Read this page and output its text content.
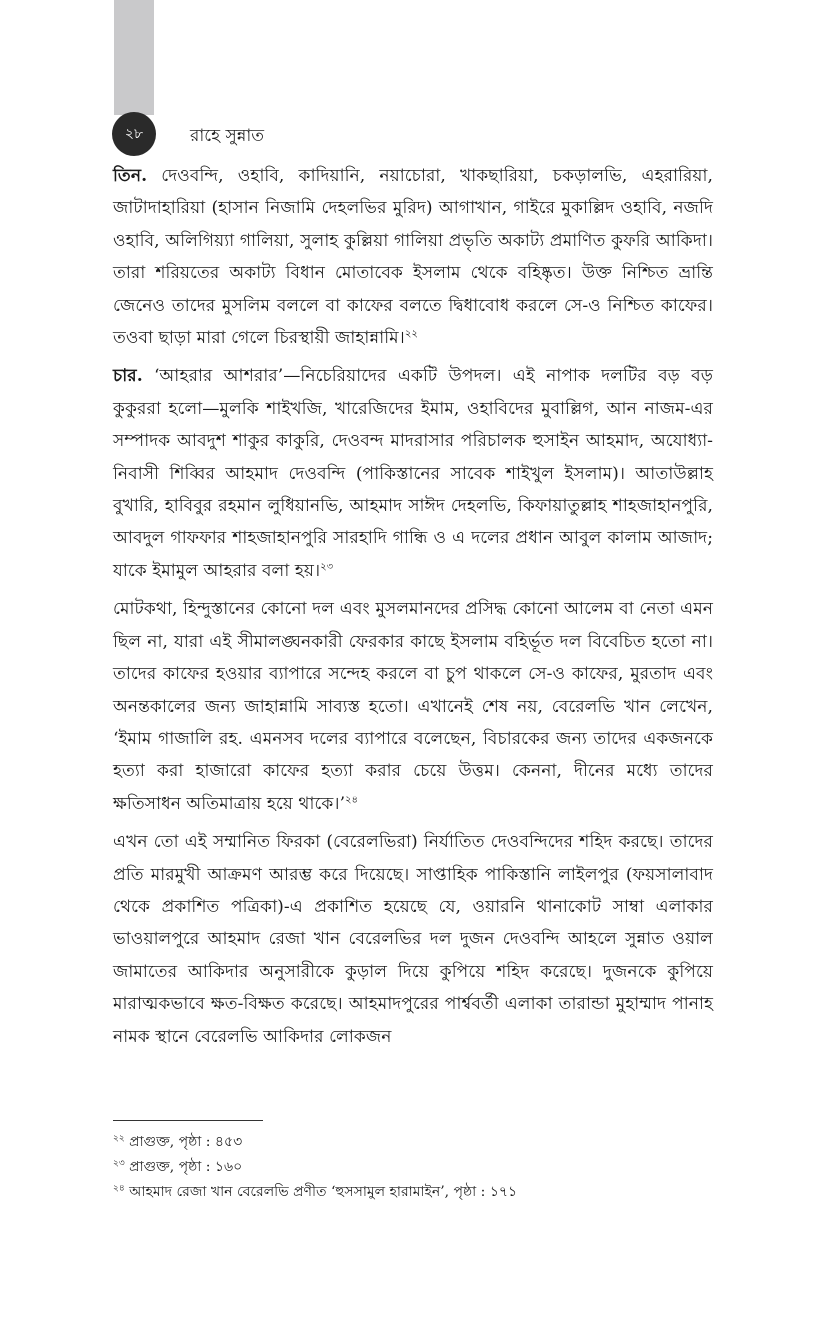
২৮	রাহে সুন্নাত

তিন. দেওবন্দি, ওহাবি, কাদিয়ানি, নয়াচোরা, খাকছারিয়া, চকড়ালভি, এহরারিয়া, জাটাদাহারিয়া (হাসান নিজামি দেহলভির মুরিদ) আগাখান, গাইরে মুকাল্লিদ ওহাবি, নজদি ওহাবি, অলিগিয়্যা গালিয়া, সুলাহ কুল্লিয়া গালিয়া প্রভৃতি অকাট্য প্রমাণিত কুফরি আকিদা। তারা শরিয়তের অকাট্য বিধান মোতাবেক ইসলাম থেকে বহিষ্কৃত। উক্ত নিশ্চিত ভ্রান্তি জেনেও তাদের মুসলিম বললে বা কাফের বলতে দ্বিধাবোধ করলে সে-ও নিশ্চিত কাফের। তওবা ছাড়া মারা গেলে চিরস্থায়ী জাহান্নামি।$^{২২}$

চার. ‘আহরার আশরার’—নিচেরিয়াদের একটি উপদল। এই নাপাক দলটির বড় বড় কুকুররা হলো—মুলকি শাইখজি, খারেজিদের ইমাম, ওহাবিদের মুবাল্লিগ, আন নাজম-এর সম্পাদক আবদুশ শাকুর কাকুরি, দেওবন্দ মাদরাসার পরিচালক হুসাইন আহমাদ, অযোধ্যা-নিবাসী শিব্বির আহমাদ দেওবন্দি (পাকিস্তানের সাবেক শাইখুল ইসলাম)। আতাউল্লাহ বুখারি, হাবিবুর রহমান লুধিয়ানভি, আহমাদ সাঈদ দেহলভি, কিফায়াতুল্লাহ শাহজাহানপুরি, আবদুল গাফফার শাহজাহানপুরি সারহাদি গান্ধি ও এ দলের প্রধান আবুল কালাম আজাদ; যাকে ইমামুল আহরার বলা হয়।$^{২৩}$

মোটকথা, হিন্দুস্তানের কোনো দল এবং মুসলমানদের প্রসিদ্ধ কোনো আলেম বা নেতা এমন ছিল না, যারা এই সীমালঙ্ঘনকারী ফেরকার কাছে ইসলাম বহির্ভূত দল বিবেচিত হতো না। তাদের কাফের হওয়ার ব্যাপারে সন্দেহ করলে বা চুপ থাকলে সে-ও কাফের, মুরতাদ এবং অনন্তকালের জন্য জাহান্নামি সাব্যস্ত হতো। এখানেই শেষ নয়, বেরেলভি খান লেখেন, ‘ইমাম গাজালি রহ. এমনসব দলের ব্যাপারে বলেছেন, বিচারকের জন্য তাদের একজনকে হত্যা করা হাজারো কাফের হত্যা করার চেয়ে উত্তম। কেননা, দীনের মধ্যে তাদের ক্ষতিসাধন অতিমাত্রায় হয়ে থাকে।’$^{২৪}$

এখন তো এই সম্মানিত ফিরকা (বেরেলভিরা) নির্যাতিত দেওবন্দিদের শহিদ করছে। তাদের প্রতি মারমুখী আক্রমণ আরম্ভ করে দিয়েছে। সাপ্তাহিক পাকিস্তানি লাইলপুর (ফয়সালাবাদ থেকে প্রকাশিত পত্রিকা)-এ প্রকাশিত হয়েছে যে, ওয়ারনি থানাকোট সাম্বা এলাকার ভাওয়ালপুরে আহমাদ রেজা খান বেরেলভির দল দুজন দেওবন্দি আহলে সুন্নাত ওয়াল জামাতের আকিদার অনুসারীকে কুড়াল দিয়ে কুপিয়ে শহিদ করেছে। দুজনকে কুপিয়ে মারাত্মকভাবে ক্ষত-বিক্ষত করেছে। আহমাদপুরের পার্শ্ববর্তী এলাকা তারান্ডা মুহাম্মাদ পানাহ নামক স্থানে বেরেলভি আকিদার লোকজন

$^{২২}$ প্রাগুক্ত, পৃষ্ঠা : ৪৫৩
$^{২৩}$ প্রাগুক্ত, পৃষ্ঠা : ১৬০
$^{২৪}$ আহমাদ রেজা খান বেরেলভি প্রণীত ‘হুসসামুল হারামাইন’, পৃষ্ঠা : ১৭১
